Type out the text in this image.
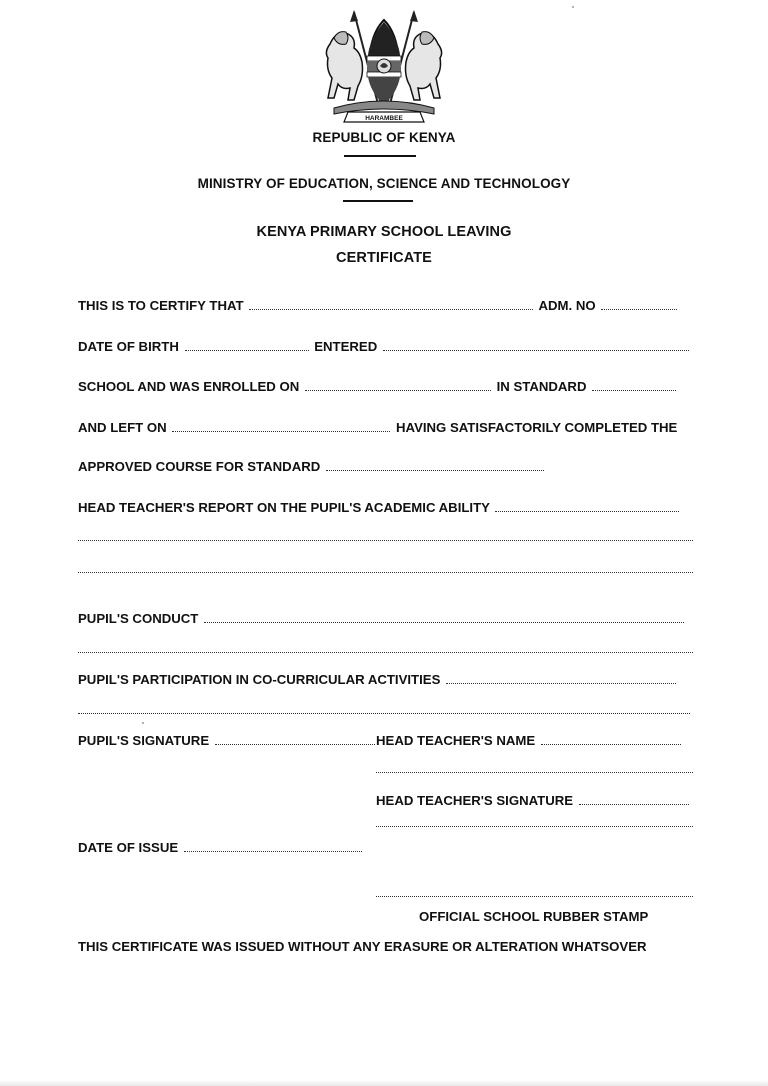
HARAMBEE
REPUBLIC OF KENYA
MINISTRY OF EDUCATION, SCIENCE AND TECHNOLOGY
KENYA PRIMARY SCHOOL LEAVING
CERTIFICATE
THIS IS TO CERTIFY THAT	ADM. NO
DATE OF BIRTH	ENTERED
SCHOOL AND WAS ENROLLED ON	IN STANDARD
AND LEFT ON	HAVING SATISFACTORILY COMPLETED THE
APPROVED COURSE FOR STANDARD
HEAD TEACHER'S REPORT ON THE PUPIL'S ACADEMIC ABILITY
PUPIL'S CONDUCT
PUPIL'S PARTICIPATION IN CO-CURRICULAR ACTIVITIES
PUPIL'S SIGNATURE	HEAD TEACHER'S NAME
HEAD TEACHER'S SIGNATURE
DATE OF ISSUE
OFFICIAL SCHOOL RUBBER STAMP
THIS CERTIFICATE WAS ISSUED WITHOUT ANY ERASURE OR ALTERATION WHATSOVER
